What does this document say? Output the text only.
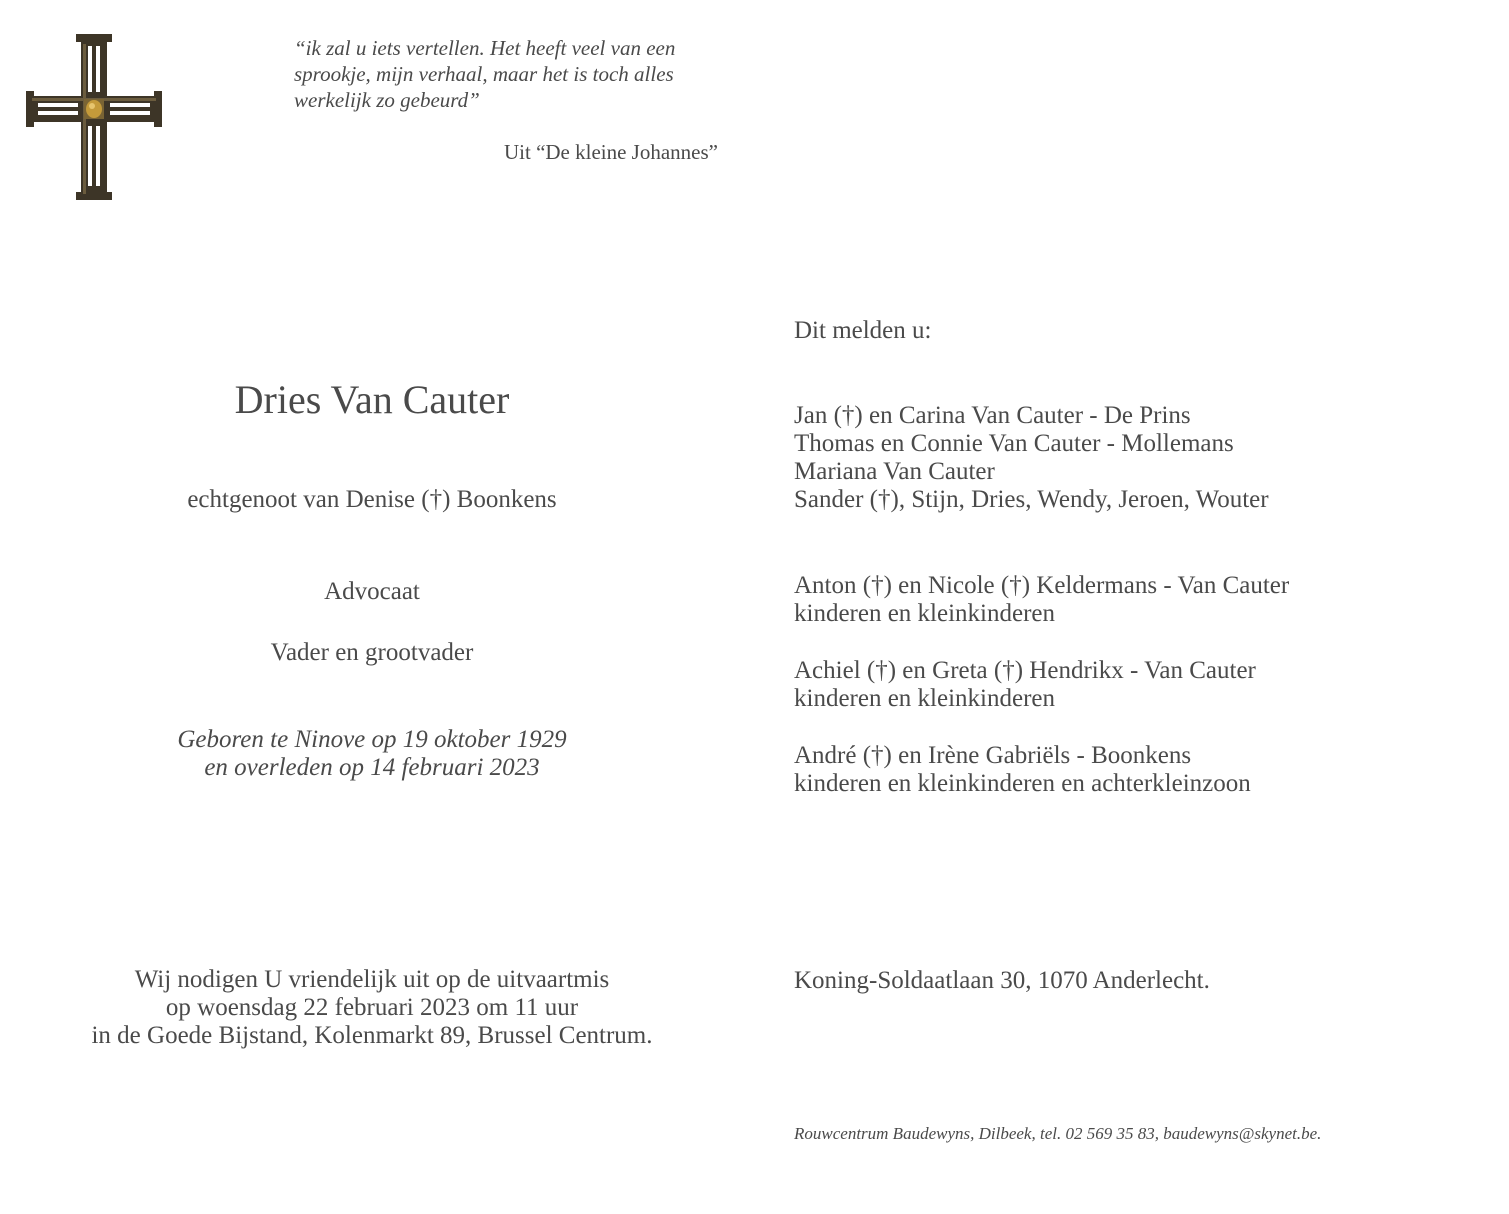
“ik zal u iets vertellen. Het heeft veel van een
sprookje, mijn verhaal, maar het is toch alles
werkelijk zo gebeurd”
Uit “De kleine Johannes”
Dries Van Cauter
echtgenoot van Denise (†) Boonkens
Advocaat
Vader en grootvader
Geboren te Ninove op 19 oktober 1929
en overleden op 14 februari 2023
Wij nodigen U vriendelijk uit op de uitvaartmis
op woensdag 22 februari 2023 om 11 uur
in de Goede Bijstand, Kolenmarkt 89, Brussel Centrum.
Dit melden u:
Jan (†) en Carina Van Cauter - De Prins
Thomas en Connie Van Cauter - Mollemans
Mariana Van Cauter
Sander (†), Stijn, Dries, Wendy, Jeroen, Wouter
Anton (†) en Nicole (†) Keldermans - Van Cauter
kinderen en kleinkinderen
Achiel (†) en Greta (†) Hendrikx - Van Cauter
kinderen en kleinkinderen
André (†) en Irène Gabriëls - Boonkens
kinderen en kleinkinderen en achterkleinzoon
Koning-Soldaatlaan 30, 1070 Anderlecht.
Rouwcentrum Baudewyns, Dilbeek, tel. 02 569 35 83, baudewyns@skynet.be.
